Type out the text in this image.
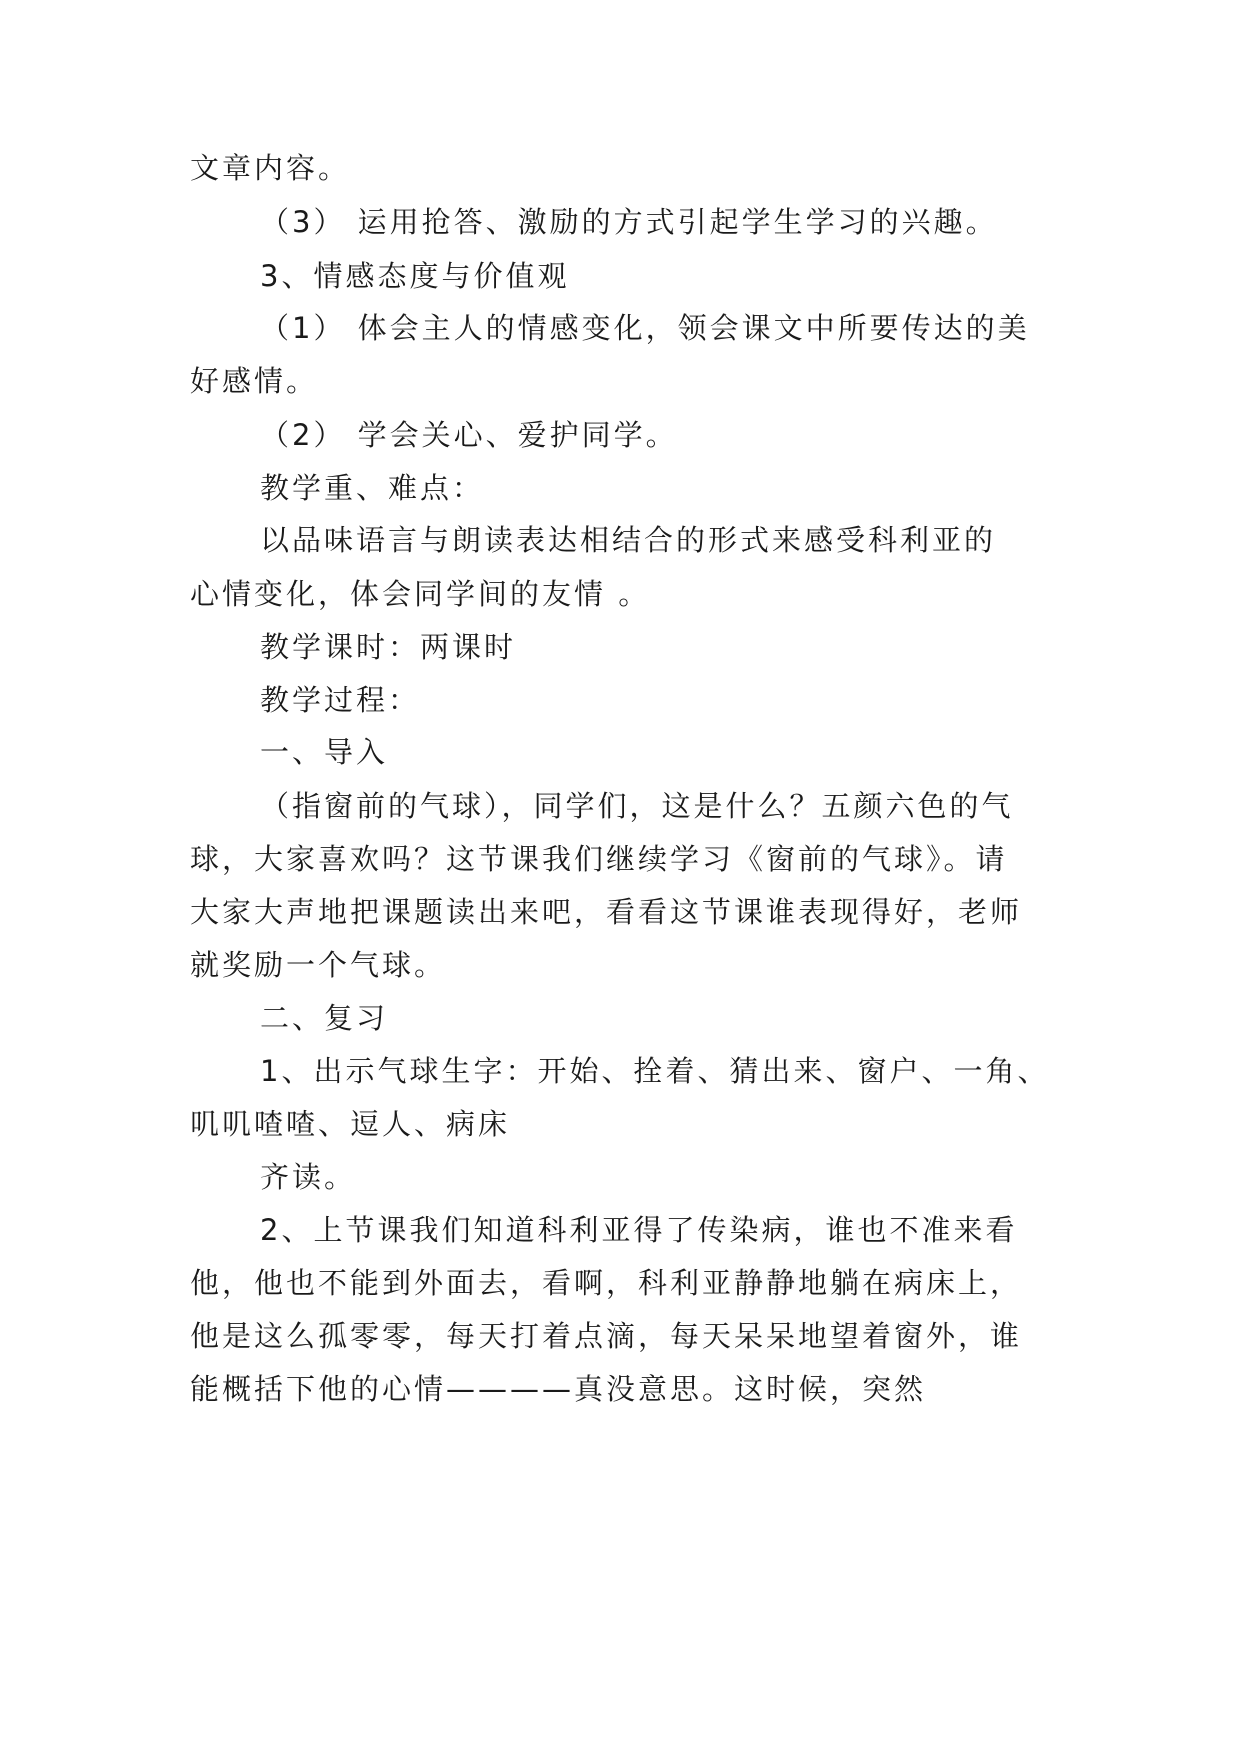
文章内容。
（3） 运用抢答、激励的方式引起学生学习的兴趣。
3、情感态度与价值观
（1） 体会主人的情感变化，领会课文中所要传达的美
好感情。
（2） 学会关心、爱护同学。
教学重、难点：
以品味语言与朗读表达相结合的形式来感受科利亚的
心情变化，体会同学间的友情 。
教学课时：两课时
教学过程：
一、导入
（指窗前的气球），同学们，这是什么？五颜六色的气
球，大家喜欢吗？这节课我们继续学习《窗前的气球》。请
大家大声地把课题读出来吧，看看这节课谁表现得好，老师
就奖励一个气球。
二、复习
1、出示气球生字：开始、拴着、猜出来、窗户、一角、
叽叽喳喳、逗人、病床
齐读。
2、上节课我们知道科利亚得了传染病，谁也不准来看
他，他也不能到外面去，看啊，科利亚静静地躺在病床上，
他是这么孤零零，每天打着点滴，每天呆呆地望着窗外，谁
能概括下他的心情————真没意思。这时候，突然
